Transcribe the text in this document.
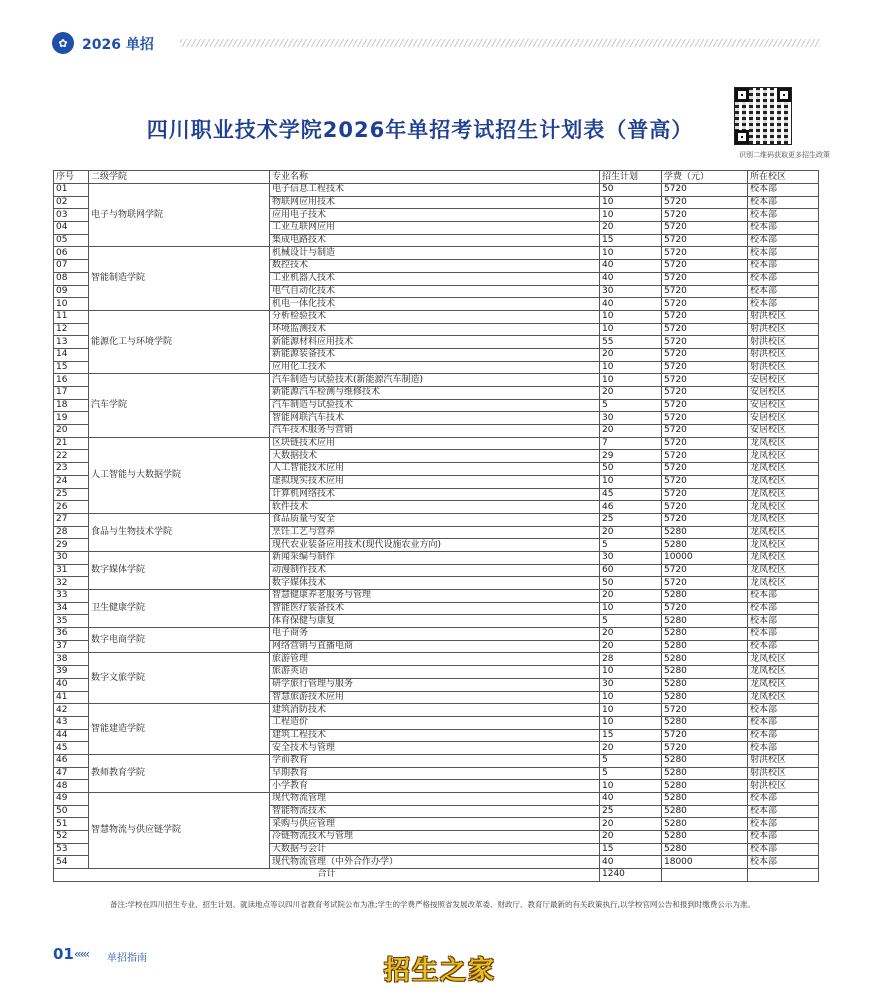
✿ 2026 单招
四川职业技术学院2026年单招考试招生计划表（普高）
识别二维码获取更多招生政策
序号	二级学院	专业名称	招生计划	学费（元）	所在校区
01	电子与物联网学院	电子信息工程技术	50	5720	校本部
02		物联网应用技术	10	5720	校本部
03		应用电子技术	10	5720	校本部
04		工业互联网应用	20	5720	校本部
05		集成电路技术	15	5720	校本部
06	智能制造学院	机械设计与制造	10	5720	校本部
07		数控技术	40	5720	校本部
08		工业机器人技术	40	5720	校本部
09		电气自动化技术	30	5720	校本部
10		机电一体化技术	40	5720	校本部
11	能源化工与环境学院	分析检验技术	10	5720	射洪校区
12		环境监测技术	10	5720	射洪校区
13		新能源材料应用技术	55	5720	射洪校区
14		新能源装备技术	20	5720	射洪校区
15		应用化工技术	10	5720	射洪校区
16	汽车学院	汽车制造与试验技术(新能源汽车制造)	10	5720	安居校区
17		新能源汽车检测与维修技术	20	5720	安居校区
18		汽车制造与试验技术	5	5720	安居校区
19		智能网联汽车技术	30	5720	安居校区
20		汽车技术服务与营销	20	5720	安居校区
21	人工智能与大数据学院	区块链技术应用	7	5720	龙凤校区
22		大数据技术	29	5720	龙凤校区
23		人工智能技术应用	50	5720	龙凤校区
24		虚拟现实技术应用	10	5720	龙凤校区
25		计算机网络技术	45	5720	龙凤校区
26		软件技术	46	5720	龙凤校区
27	食品与生物技术学院	食品质量与安全	25	5720	龙凤校区
28		烹饪工艺与营养	20	5280	龙凤校区
29		现代农业装备应用技术(现代设施农业方向)	5	5280	龙凤校区
30	数字媒体学院	新闻采编与制作	30	10000	龙凤校区
31		动漫制作技术	60	5720	龙凤校区
32		数字媒体技术	50	5720	龙凤校区
33	卫生健康学院	智慧健康养老服务与管理	20	5280	校本部
34		智能医疗装备技术	10	5720	校本部
35		体育保健与康复	5	5280	校本部
36	数字电商学院	电子商务	20	5280	校本部
37		网络营销与直播电商	20	5280	校本部
38	数字文旅学院	旅游管理	28	5280	龙凤校区
39		旅游英语	10	5280	龙凤校区
40		研学旅行管理与服务	30	5280	龙凤校区
41		智慧旅游技术应用	10	5280	龙凤校区
42	智能建造学院	建筑消防技术	10	5720	校本部
43		工程造价	10	5280	校本部
44		建筑工程技术	15	5720	校本部
45		安全技术与管理	20	5720	校本部
46	教师教育学院	学前教育	5	5280	射洪校区
47		早期教育	5	5280	射洪校区
48		小学教育	10	5280	射洪校区
49	智慧物流与供应链学院	现代物流管理	40	5280	校本部
50		智能物流技术	25	5280	校本部
51		采购与供应管理	20	5280	校本部
52		冷链物流技术与管理	20	5280	校本部
53		大数据与会计	15	5280	校本部
54		现代物流管理（中外合作办学）	40	18000	校本部
合计			1240		
备注:学校在四川招生专业、招生计划、就读地点等以四川省教育考试院公布为准;学生的学费严格按照省发展改革委、财政厅、教育厅最新的有关政策执行,以学校官网公告和报到时缴费公示为准。
01 ‹‹‹‹‹ 单招指南	招生之家
